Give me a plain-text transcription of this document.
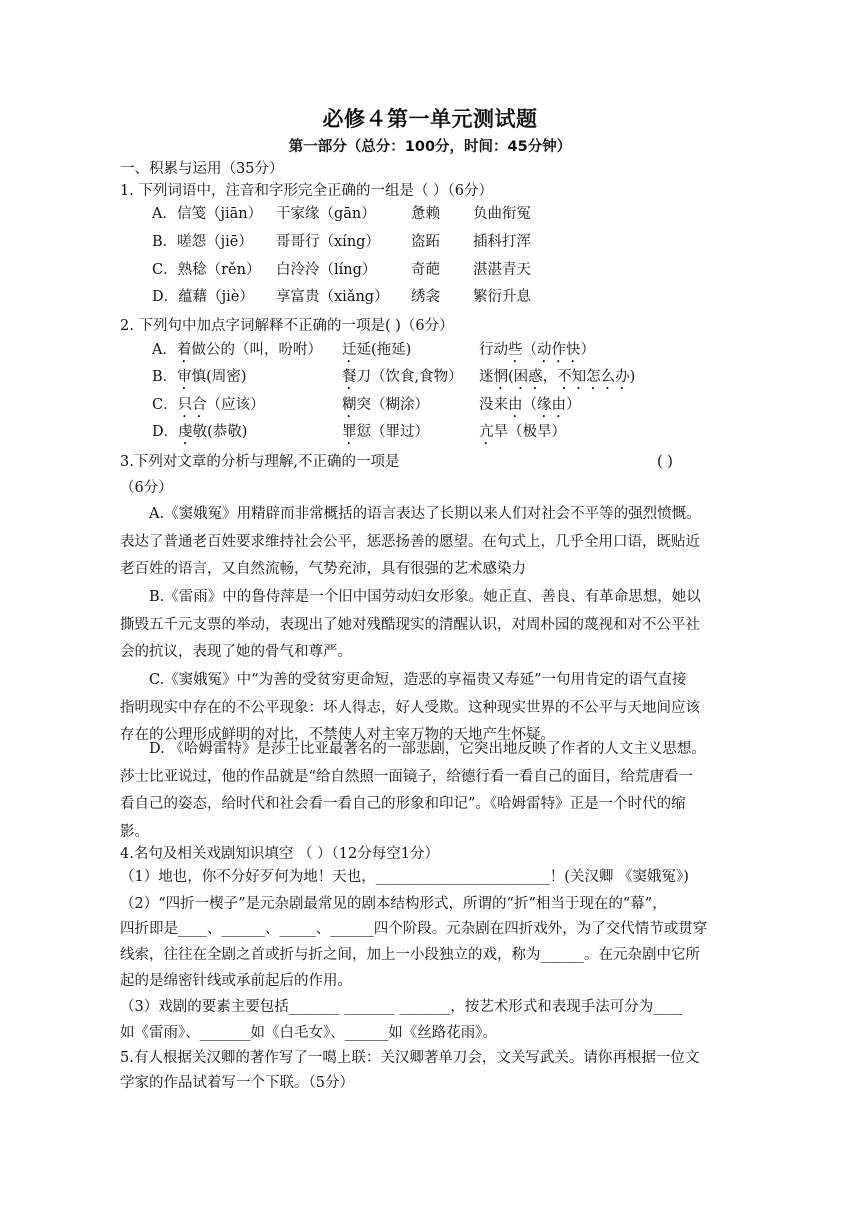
必修４第一单元测试题
第一部分（总分：100分，时间：45分钟）
一、积累与运用（35分）
1. 下列词语中，注音和字形完全正确的一组是（ ）（6分）
A．信笺（jiān） 干家缘（gān） 惫赖 负曲衔冤
B．嗟怨（jiē） 哥哥行（xíng） 盗跖 插科打浑
C．熟稔（rěn） 白泠泠（líng） 奇葩 湛湛青天
D．蕴藉（jiè） 享富贵（xiǎng） 绣衾 繁衍升息
2. 下列句中加点字词解释不正确的一项是( )（6分）
A．着做公的（叫，吩咐） 迁延(拖延)	行动些（动作快）
B．审慎(周密)	餐刀（饮食,食物） 迷惘(困惑，不知怎么办)
C．只合（应该）	糊突（糊涂）	没来由（缘由）
D．虔敬(恭敬)	罪愆（罪过）	亢旱（极旱）
3.下列对文章的分析与理解,不正确的一项是	( )
（6分）
A.《窦娥冤》用精辟而非常概括的语言表达了长期以来人们对社会不平等的强烈愤慨。
表达了普通老百姓要求维持社会公平，惩恶扬善的愿望。在句式上，几乎全用口语，既贴近
老百姓的语言，又自然流畅，气势充沛，具有很强的艺术感染力
B.《雷雨》中的鲁侍萍是一个旧中国劳动妇女形象。她正直、善良、有革命思想，她以
撕毁五千元支票的举动，表现出了她对残酷现实的清醒认识，对周朴园的蔑视和对不公平社
会的抗议，表现了她的骨气和尊严。
C.《窦娥冤》中“为善的受贫穷更命短，造恶的享福贵又寿延”一句用肯定的语气直接
指明现实中存在的不公平现象：坏人得志，好人受欺。这种现实世界的不公平与天地间应该
存在的公理形成鲜明的对比，不禁使人对主宰万物的天地产生怀疑。
D. 《哈姆雷特》是莎士比亚最著名的一部悲剧，它突出地反映了作者的人文主义思想。
莎士比亚说过，他的作品就是“给自然照一面镜子，给德行看一看自己的面目，给荒唐看一
看自己的姿态，给时代和社会看一看自己的形象和印记”。《哈姆雷特》正是一个时代的缩
影。
4.名句及相关戏剧知识填空 （ ）（12分每空1分）
（1）地也，你不分好歹何为地！天也，________________________！(关汉卿 《窦娥冤》)
（2）“四折一楔子”是元杂剧最常见的剧本结构形式，所谓的“折”相当于现在的“幕”，
四折即是____、______、_____、______四个阶段。元杂剧在四折戏外，为了交代情节或贯穿
线索，往往在全剧之首或折与折之间，加上一小段独立的戏，称为______。在元杂剧中它所
起的是绵密针线或承前起后的作用。
（3）戏剧的要素主要包括_______ _______ _______，按艺术形式和表现手法可分为____
如《雷雨》、_______如《白毛女》、______如《丝路花雨》。
5.有人根据关汉卿的著作写了一噶上联：关汉卿著单刀会，文关写武关。请你再根据一位文
学家的作品试着写一个下联。（5分）
